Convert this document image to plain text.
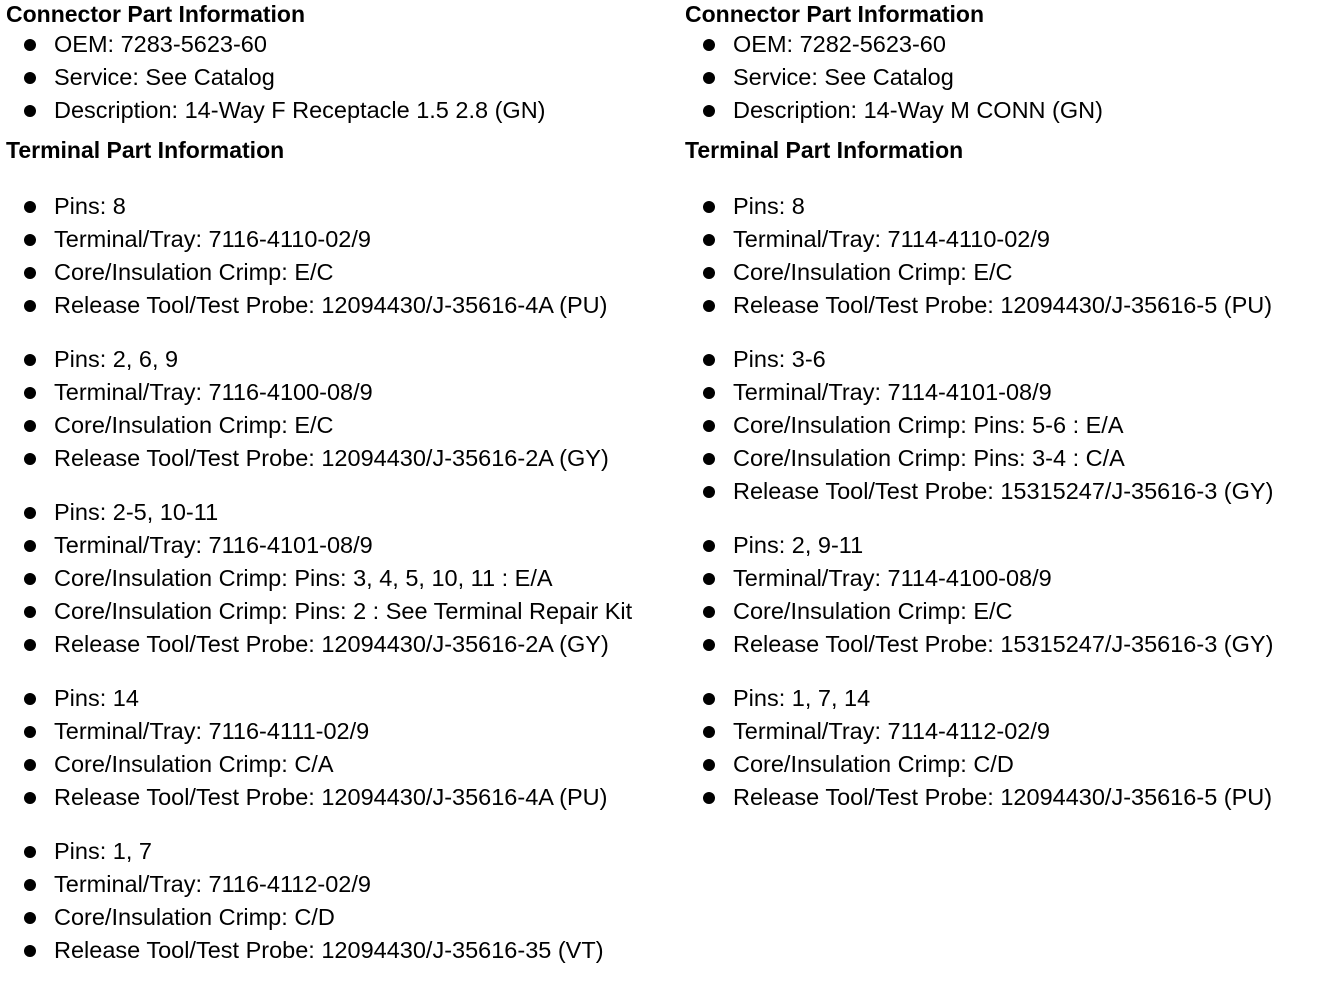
Connector Part Information
OEM: 7283-5623-60
Service: See Catalog
Description: 14-Way F Receptacle 1.5 2.8 (GN)
Terminal Part Information
Pins: 8
Terminal/Tray: 7116-4110-02/9
Core/Insulation Crimp: E/C
Release Tool/Test Probe: 12094430/J-35616-4A (PU)
Pins: 2, 6, 9
Terminal/Tray: 7116-4100-08/9
Core/Insulation Crimp: E/C
Release Tool/Test Probe: 12094430/J-35616-2A (GY)
Pins: 2-5, 10-11
Terminal/Tray: 7116-4101-08/9
Core/Insulation Crimp: Pins: 3, 4, 5, 10, 11 : E/A
Core/Insulation Crimp: Pins: 2 : See Terminal Repair Kit
Release Tool/Test Probe: 12094430/J-35616-2A (GY)
Pins: 14
Terminal/Tray: 7116-4111-02/9
Core/Insulation Crimp: C/A
Release Tool/Test Probe: 12094430/J-35616-4A (PU)
Pins: 1, 7
Terminal/Tray: 7116-4112-02/9
Core/Insulation Crimp: C/D
Release Tool/Test Probe: 12094430/J-35616-35 (VT)
Connector Part Information
OEM: 7282-5623-60
Service: See Catalog
Description: 14-Way M CONN (GN)
Terminal Part Information
Pins: 8
Terminal/Tray: 7114-4110-02/9
Core/Insulation Crimp: E/C
Release Tool/Test Probe: 12094430/J-35616-5 (PU)
Pins: 3-6
Terminal/Tray: 7114-4101-08/9
Core/Insulation Crimp: Pins: 5-6 : E/A
Core/Insulation Crimp: Pins: 3-4 : C/A
Release Tool/Test Probe: 15315247/J-35616-3 (GY)
Pins: 2, 9-11
Terminal/Tray: 7114-4100-08/9
Core/Insulation Crimp: E/C
Release Tool/Test Probe: 15315247/J-35616-3 (GY)
Pins: 1, 7, 14
Terminal/Tray: 7114-4112-02/9
Core/Insulation Crimp: C/D
Release Tool/Test Probe: 12094430/J-35616-5 (PU)
